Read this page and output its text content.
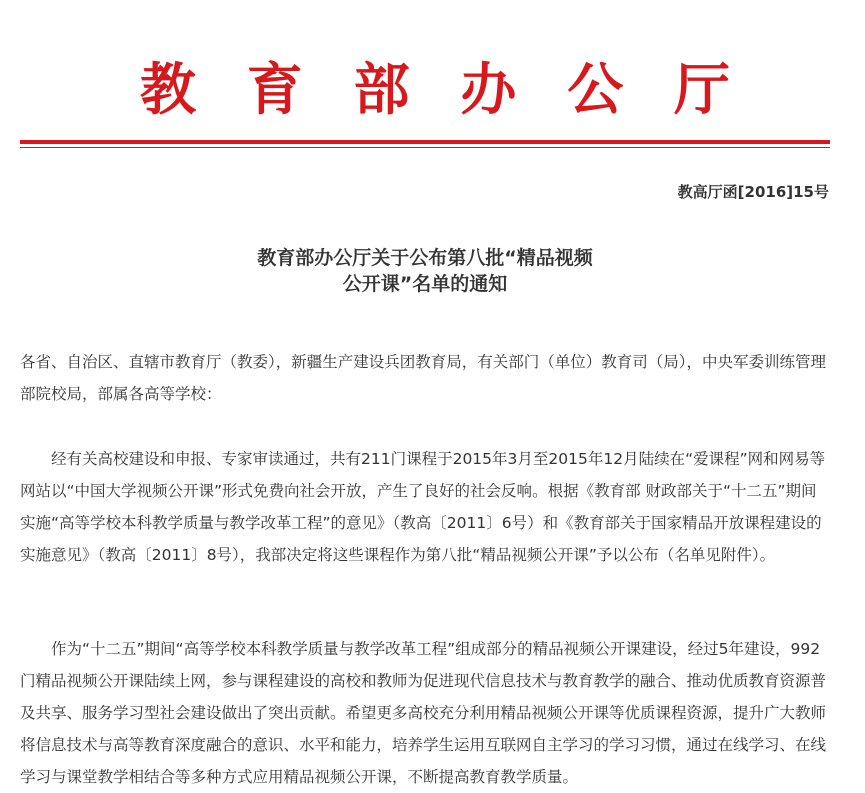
教 育 部 办 公 厅
教高厅函[2016]15号
教育部办公厅关于公布第八批“精品视频
公开课”名单的通知

各省、自治区、直辖市教育厅（教委），新疆生产建设兵团教育局，有关部门（单位）教育司（局），中央军委训练管理部院校局，部属各高等学校：

经有关高校建设和申报、专家审读通过，共有211门课程于2015年3月至2015年12月陆续在“爱课程”网和网易等网站以“中国大学视频公开课”形式免费向社会开放，产生了良好的社会反响。根据《教育部 财政部关于“十二五”期间实施“高等学校本科教学质量与教学改革工程”的意见》（教高〔2011〕6号）和《教育部关于国家精品开放课程建设的实施意见》（教高〔2011〕8号），我部决定将这些课程作为第八批“精品视频公开课”予以公布（名单见附件）。

作为“十二五”期间“高等学校本科教学质量与教学改革工程”组成部分的精品视频公开课建设，经过5年建设，992门精品视频公开课陆续上网，参与课程建设的高校和教师为促进现代信息技术与教育教学的融合、推动优质教育资源普及共享、服务学习型社会建设做出了突出贡献。希望更多高校充分利用精品视频公开课等优质课程资源，提升广大教师将信息技术与高等教育深度融合的意识、水平和能力，培养学生运用互联网自主学习的学习习惯，通过在线学习、在线学习与课堂教学相结合等多种方式应用精品视频公开课，不断提高教育教学质量。
